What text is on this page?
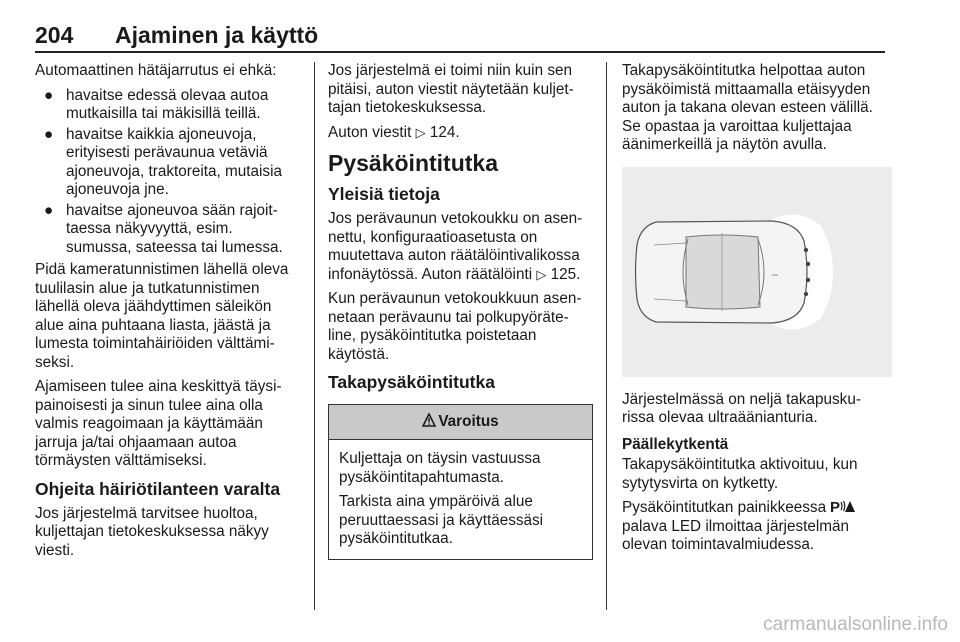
204 Ajaminen ja käyttö

Automaattinen hätäjarrutus ei ehkä:

● havaitse edessä olevaa autoa mutkaisilla tai mäkisillä teillä.
● havaitse kaikkia ajoneuvoja, erityisesti perävaunua vetäviä ajoneuvoja, traktoreita, mutaisia ajoneuvoja jne.
● havaitse ajoneuvoa sään rajoit- taessa näkyvyyttä, esim. sumussa, sateessa tai lumessa.

Pidä kameratunnistimen lähellä oleva tuulilasin alue ja tutkatunnistimen lähellä oleva jäähdyttimen säleikön alue aina puhtaana liasta, jäästä ja lumesta toimintahäiriöiden välttämi- seksi.

Ajamiseen tulee aina keskittyä täysi- painoisesti ja sinun tulee aina olla valmis reagoimaan ja käyttämään jarruja ja/tai ohjaamaan autoa törmäysten välttämiseksi.

Ohjeita häiriötilanteen varalta

Jos järjestelmä tarvitsee huoltoa, kuljettajan tietokeskuksessa näkyy viesti.

Jos järjestelmä ei toimi niin kuin sen pitäisi, auton viestit näytetään kuljet- tajan tietokeskuksessa.

Auton viestit ▷ 124.

Pysäköintitutka
Yleisiä tietoja

Jos perävaunun vetokoukku on asen- nettu, konfiguraatioasetusta on muutettava auton räätälöintivalikossa infonäytössä. Auton räätälöinti ▷ 125.

Kun perävaunun vetokoukkuun asen- netaan perävaunu tai polkupyöräte- line, pysäköintitutka poistetaan käytöstä.

Takapysäköintitutka
Varoitus

Kuljettaja on täysin vastuussa pysäköintitapahtumasta.

Tarkista aina ympäröivä alue peruuttaessasi ja käyttäessäsi pysäköintitutkaa.

Takapysäköintitutka helpottaa auton pysäköimistä mittaamalla etäisyyden auton ja takana olevan esteen välillä. Se opastaa ja varoittaa kuljettajaa äänimerkeillä ja näytön avulla.

Järjestelmässä on neljä takapusku- rissa olevaa ultraäänianturia.

Päällekytkentä

Takapysäköintitutka aktivoituu, kun sytytysvirta on kytketty.

Pysäköintitutkan painikkeessa P
palava LED ilmoittaa järjestelmän olevan toimintavalmiudessa.

carmanualsonline.info
